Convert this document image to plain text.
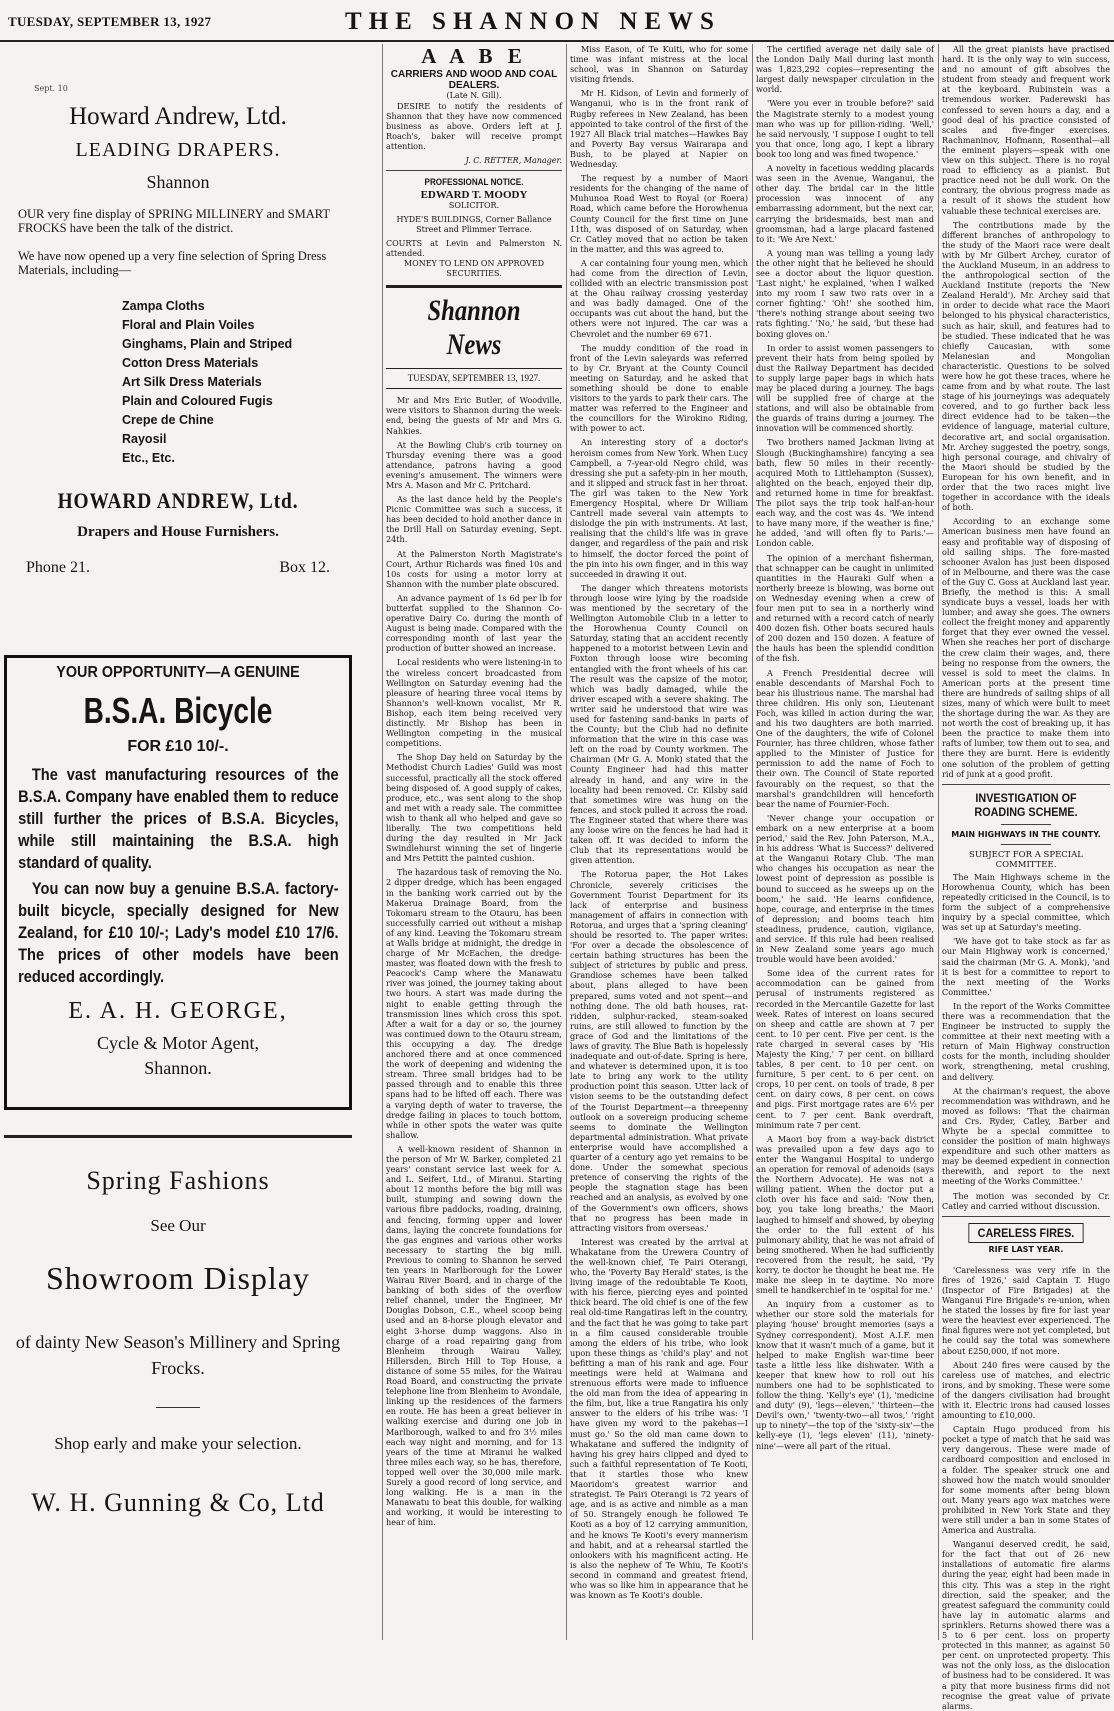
TUESDAY, SEPTEMBER 13, 1927	THE SHANNON NEWS
Sept. 10
Howard Andrew, Ltd.
LEADING DRAPERS.
Shannon
OUR very fine display of SPRING MILLINERY and SMART FROCKS have been the talk of the district.
We have now opened up a very fine selection of Spring Dress Materials, including—
Zampa Cloths
Floral and Plain Voiles
Ginghams, Plain and Striped
Cotton Dress Materials
Art Silk Dress Materials
Plain and Coloured Fugis
Crepe de Chine
Rayosil
Etc., Etc.
HOWARD ANDREW, Ltd.
Drapers and House Furnishers.
Phone 21.	Box 12.
YOUR OPPORTUNITY—A GENUINE
B.S.A. Bicycle
FOR £10 10/-.
The vast manufacturing resources of the B.S.A. Company have enabled them to reduce still further the prices of B.S.A. Bicycles, while still maintaining the B.S.A. high standard of quality.
You can now buy a genuine B.S.A. factory-built bicycle, specially designed for New Zealand, for £10 10/-; Lady's model £10 17/6. The prices of other models have been reduced accordingly.
E. A. H. GEORGE,
Cycle & Motor Agent,
Shannon.
Spring Fashions
See Our
Showroom Display
of dainty New Season's Millinery and Spring Frocks.
Shop early and make your selection.
W. H. Gunning & Co, Ltd
A A B E
CARRIERS AND WOOD AND COAL DEALERS.
(Late N. Gill).

DESIRE to notify the residents of Shannon that they have now commenced business as above. Orders left at J. Roach's, baker will receive prompt attention.

J. C. RETTER, Manager.
PROFESSIONAL NOTICE.
EDWARD T. MOODY
SOLICITOR.
HYDE'S BUILDINGS, Corner Ballance Street and Plimmer Terrace.
COURTS at Levin and Palmerston N. attended.
MONEY TO LEND ON APPROVED SECURITIES.
Shannon News
TUESDAY, SEPTEMBER 13, 1927.

Mr and Mrs Eric Butler, of Woodville, were visitors to Shannon during the week-end, being the guests of Mr and Mrs G. Nahkies.

At the Bowling Club's crib tourney on Thursday evening there was a good attendance, patrons having a good evening's amusement. The winners were Mrs A. Mason and Mr C. Pritchard.

As the last dance held by the People's Picnic Committee was such a success, it has been decided to hold another dance in the Drill Hall on Saturday evening, Sept. 24th.

At the Palmerston North Magistrate's Court, Arthur Richards was fined 10s and 10s costs for using a motor lorry at Shannon with the number plate obscured.

An advance payment of 1s 6d per lb for butterfat supplied to the Shannon Co-operative Dairy Co. during the month of August is being made. Compared with the corresponding month of last year the production of butter showed an increase.

Local residents who were listening-in to the wireless concert broadcasted from Wellington on Saturday evening had the pleasure of hearing three vocal items by Shannon's well-known vocalist, Mr R. Bishop, each item being received very distinctly. Mr Bishop has been in Wellington competing in the musical competitions.

The Shop Day held on Saturday by the Methodist Church Ladies' Guild was most successful, practically all the stock offered being disposed of. A good supply of cakes, produce, etc., was sent along to the shop and met with a ready sale. The committee wish to thank all who helped and gave so liberally. The two competitions held during the day resulted in Mr Jack Swindlehurst winning the set of lingerie and Mrs Pettitt the painted cushion.

The hazardous task of removing the No. 2 dipper dredge, which has been engaged in the banking work carried out by the Makerua Drainage Board, from the Tokomaru stream to the Otauru, has been successfully carried out without a mishap of any kind. Leaving the Tokomaru stream at Walls bridge at midnight, the dredge in charge of Mr McEachen, the dredge-master, was floated down with the fresh to Peacock's Camp where the Manawatu river was joined, the journey taking about two hours. A start was made during the night to enable getting through the transmission lines which cross this spot. After a wait for a day or so, the journey was continued down to the Otauru stream, this occupying a day. The dredge anchored there and at once commenced the work of deepening and widening the stream. Three small bridges had to be passed through and to enable this three spans had to be lifted off each. There was a varying depth of water to traverse, the dredge failing in places to touch bottom, while in other spots the water was quite shallow.

A well-known resident of Shannon in the person of Mr W. Barker, completed 21 years' constant service last week for A. and L. Seifert, Ltd., of Miranui. Starting about 12 months before the big mill was built, stumping and sowing down the various fibre paddocks, roading, draining, and fencing, forming upper and lower dams, laying the concrete foundations for the gas engines and various other works necessary to starting the big mill. Previous to coming to Shannon he served ten years in Marlborough for the Lower Wairau River Board, and in charge of the banking of both sides of the overflow relief channel, under the Engineer, Mr Douglas Dobson, C.E., wheel scoop being used and an 8-horse plough elevator and eight 3-horse dump waggons. Also in charge of a road repairing gang from Blenheim through Wairau Valley, Hillersden, Birch Hill to Top House, a distance of some 55 miles, for the Wairau Road Board, and constructing the private telephone line from Blenheim to Avondale, linking up the residences of the farmers en route. He has been a great believer in walking exercise and during one job in Marlborough, walked to and fro 3½ miles each way night and morning, and for 13 years of the time at Miranui he walked three miles each way, so he has, therefore, topped well over the 30,000 mile mark. Surely a good record of long service, and long walking. He is a man in the Manawatu to beat this double, for walking and working, it would be interesting to hear of him.

Miss Eason, of Te Kuiti, who for some time was infant mistress at the local school, was in Shannon on Saturday visiting friends.

Mr H. Kidson, of Levin and formerly of Wanganui, who is in the front rank of Rugby referees in New Zealand, has been appointed to take control of the first of the 1927 All Black trial matches—Hawkes Bay and Poverty Bay versus Wairarapa and Bush, to be played at Napier on Wednesday.

The request by a number of Maori residents for the changing of the name of Muhunoa Road West to Royal (or Roera) Road, which came before the Horowhenua County Council for the first time on June 11th, was disposed of on Saturday, when Cr. Catley moved that no action be taken in the matter, and this was agreed to.

A car containing four young men, which had come from the direction of Levin, collided with an electric transmission post at the Ohau railway crossing yesterday and was badly damaged. One of the occupants was cut about the hand, but the others were not injured. The car was a Chevrolet and the number 69 671.

The muddy condition of the road in front of the Levin saleyards was referred to by Cr. Bryant at the County Council meeting on Saturday, and he asked that something should be done to enable visitors to the yards to park their cars. The matter was referred to the Engineer and the councillors for the Wirokino Riding, with power to act.

An interesting story of a doctor's heroism comes from New York. When Lucy Campbell, a 7-year-old Negro child, was dressing she put a safety-pin in her mouth, and it slipped and struck fast in her throat. The girl was taken to the New York Emergency Hospital, where Dr William Cantrell made several vain attempts to dislodge the pin with instruments. At last, realising that the child's life was in grave danger, and regardless of the pain and risk to himself, the doctor forced the point of the pin into his own finger, and in this way succeeded in drawing it out.

The danger which threatens motorists through loose wire lying by the roadside was mentioned by the secretary of the Wellington Automobile Club in a letter to the Horowhenua County Council on Saturday, stating that an accident recently happened to a motorist between Levin and Foxton through loose wire becoming entangled with the front wheels of his car. The result was the capsize of the motor, which was badly damaged, while the driver escaped with a severe shaking. The writer said he understood that wire was used for fastening sand-banks in parts of the County; but the Club had no definite information that the wire in this case was left on the road by County workmen. The Chairman (Mr G. A. Monk) stated that the County Engineer had had this matter already in hand, and any wire in the locality had been removed. Cr. Kilsby said that sometimes wire was hung on the fences, and stock pulled it across the road. The Engineer stated that where there was any loose wire on the fences he had had it taken off. It was decided to inform the Club that its representations would be given attention.

The Rotorua paper, the Hot Lakes Chronicle, severely criticises the Government Tourist Department for its lack of enterprise and business management of affairs in connection with Rotorua, and urges that a 'spring cleaning' should be resorted to. The paper writes: 'For over a decade the obsolescence of certain bathing structures has been the subject of strictures by public and press. Grandiose schemes have been talked about, plans alleged to have been prepared, sums voted and not spent—and nothing done. The old bath houses, rat-ridden, sulphur-racked, steam-soaked ruins, are still allowed to function by the grace of God and the limitations of the laws of gravity. The Blue Bath is hopelessly inadequate and out-of-date. Spring is here, and whatever is determined upon, it is too late to bring any work to the utility production point this season. Utter lack of vision seems to be the outstanding defect of the Tourist Department—a threepenny outlook on a sovereign producing scheme seems to dominate the Wellington departmental administration. What private enterprise would have accomplished a quarter of a century ago yet remains to be done. Under the somewhat specious pretence of conserving the rights of the people the stagnation stage has been reached and an analysis, as evolved by one of the Government's own officers, shows that no progress has been made in attracting visitors from overseas.'

Interest was created by the arrival at Whakatane from the Urewera Country of the well-known chief, Te Pairi Oterangi, who, the 'Poverty Bay Herald' states, is the living image of the redoubtable Te Kooti, with his fierce, piercing eyes and pointed thick beard. The old chief is one of the few real old-time Rangatiras left in the country, and the fact that he was going to take part in a film caused considerable trouble among the elders of his tribe, who look upon these things as 'child's play' and not befitting a man of his rank and age. Four meetings were held at Waimana and strenuous efforts were made to influence the old man from the idea of appearing in the film, but, like a true Rangatira his only answer to the elders of his tribe was: 'I have given my word to the pakehas—I must go.' So the old man came down to Whakatane and suffered the indignity of having his grey hairs clipped and dyed to such a faithful representation of Te Kooti, that it startles those who knew Maoridom's greatest warrior and strategist. Te Pairi Oterangi is 72 years of age, and is as active and nimble as a man of 50. Strangely enough he followed Te Kooti as a boy of 12 carrying ammunition, and he knows Te Kooti's every mannerism and habit, and at a rehearsal startled the onlookers with his magnificent acting. He is also the nephew of Te Whiu, Te Kooti's second in command and greatest friend, who was so like him in appearance that he was known as Te Kooti's double.

The certified average net daily sale of the London Daily Mail during last month was 1,823,292 copies—representing the largest daily newspaper circulation in the world.

'Were you ever in trouble before?' said the Magistrate sternly to a modest young man who was up for pillion-riding. 'Well,' he said nervously, 'I suppose I ought to tell you that once, long ago, I kept a library book too long and was fined twopence.'

A novelty in facetious wedding placards was seen in the Avenue, Wanganui, the other day. The bridal car in the little procession was innocent of any embarrassing adornment, but the next car, carrying the bridesmaids, best man and groomsman, had a large placard fastened to it: 'We Are Next.'

A young man was telling a young lady the other night that he believed he should see a doctor about the liquor question. 'Last night,' he explained, 'when I walked into my room I saw two rats over in a corner fighting.' 'Oh!' she soothed him, 'there's nothing strange about seeing two rats fighting.' 'No,' he said, 'but these had boxing gloves on.'

In order to assist women passengers to prevent their hats from being spoiled by dust the Railway Department has decided to supply large paper bags in which hats may be placed during a journey. The bags will be supplied free of charge at the stations, and will also be obtainable from the guards of trains during a journey. The innovation will be commenced shortly.

Two brothers named Jackman living at Slough (Buckinghamshire) fancying a sea bath, flew 50 miles in their recently-acquired Moth to Littlehampton (Sussex), alighted on the beach, enjoyed their dip, and returned home in time for breakfast. The pilot says the trip took half-an-hour each way, and the cost was 4s. 'We intend to have many more, if the weather is fine,' he added, 'and will often fly to Paris.'—London cable.

The opinion of a merchant fisherman, that schnapper can be caught in unlimited quantities in the Hauraki Gulf when a northerly breeze is blowing, was borne out on Wednesday evening when a crew of four men put to sea in a northerly wind and returned with a record catch of nearly 400 dozen fish. Other boats secured hauls of 200 dozen and 150 dozen. A feature of the hauls has been the splendid condition of the fish.

A French Presidential decree will enable descendants of Marshal Foch to bear his illustrious name. The marshal had three children. His only son, Lieutenant Foch, was killed in action during the war, and his two daughters are both married. One of the daughters, the wife of Colonel Fournier, has three children, whose father applied to the Minister of Justice for permission to add the name of Foch to their own. The Council of State reported favourably on the request, so that the marshal's grandchildren will henceforth bear the name of Fournier-Foch.

'Never change your occupation or embark on a new enterprise at a boom period,' said the Rev. John Paterson, M.A., in his address 'What is Success?' delivered at the Wanganui Rotary Club. 'The man who changes his occupation as near the lowest point of depression as possible is bound to succeed as he sweeps up on the boom,' he said. 'He learns confidence, hope, courage, and enterprise in the times of depression; and booms teach him steadiness, prudence, caution, vigilance, and service. If this rule had been realised in New Zealand some years ago much trouble would have been avoided.'

Some idea of the current rates for accommodation can be gained from perusal of instruments registered as recorded in the Mercantile Gazette for last week. Rates of interest on loans secured on sheep and cattle are shown at 7 per cent. to 10 per cent. Five per cent. is the rate charged in several cases by 'His Majesty the King,' 7 per cent. on billiard tables, 8 per cent. to 10 per cent. on furniture, 5 per cent. to 6 per cent. on crops, 10 per cent. on tools of trade, 8 per cent. on dairy cows, 8 per cent. on cows and pigs. First mortgage rates are 6½ per cent. to 7 per cent. Bank overdraft, minimum rate 7 per cent.

A Maori boy from a way-back district was prevailed upon a few days ago to enter the Wanganui Hospital to undergo an operation for removal of adenoids (says the Northern Advocate). He was not a willing patient. When the doctor put a cloth over his face and said: 'Now then, boy, you take long breaths,' the Maori laughed to himself and showed, by obeying the order to the full extent of his pulmonary ability, that he was not afraid of being smothered. When he had sufficiently recovered from the result, he said, 'Py korry, te doctor he thought he beat me. He make me sleep in te daytime. No more smell te handkerchief in te 'ospital for me.'

An inquiry from a customer as to whether our store sold the materials for playing 'house' brought memories (says a Sydney correspondent). Most A.I.F. men know that it wasn't much of a game, but it helped to make English war-time beer taste a little less like dishwater. With a keeper that knew how to roll out his numbers one had to be sophisticated to follow the thing. 'Kelly's eye' (1), 'medicine and duty' (9), 'legs—eleven,' 'thirteen—the Devil's own,' 'twenty-two—all twos,' 'right up to ninety'—the top of the 'sixty-six'—the kelly-eye (1), 'legs eleven' (11), 'ninety-nine'—were all part of the ritual.

All the great pianists have practised hard. It is the only way to win success, and no amount of gift absolves the student from steady and frequent work at the keyboard. Rubinstein was a tremendous worker. Paderewski has confessed to seven hours a day, and a good deal of his practice consisted of scales and five-finger exercises. Rachmaninov, Hofmann, Rosenthal—all the eminent players—speak with one view on this subject. There is no royal road to efficiency as a pianist. But practice need not be dull work. On the contrary, the obvious progress made as a result of it shows the student how valuable these technical exercises are.

The contributions made by the different branches of anthropology to the study of the Maori race were dealt with by Mr Gilbert Archey, curator of the Auckland Museum, in an address to the anthropological section of the Auckland Institute (reports the 'New Zealand Herald'). Mr. Archey said that in order to decide what race the Maori belonged to his physical characteristics, such as hair, skull, and features had to be studied. These indicated that he was chiefly Caucasian, with some Melanesian and Mongolian characteristic. Questions to be solved were how he got these traces, where he came from and by what route. The last stage of his journeyings was adequately covered, and to go further back less direct evidence had to be taken—the evidence of language, material culture, decorative art, and social organisation. Mr. Archey suggested the poetry, songs, high personal courage, and chivalry of the Maori should be studied by the European for his own benefit, and in order that the two races might live together in accordance with the ideals of both.

According to an exchange some American business men have found an easy and profitable way of disposing of old sailing ships. The fore-masted schooner Avalon has just been disposed of in Melbourne, and there was the case of the Guy C. Goss at Auckland last year. Briefly, the method is this: A small syndicate buys a vessel, loads her with lumber; and away she goes. The owners collect the freight money and apparently forget that they ever owned the vessel. When she reaches her port of discharge the crew claim their wages, and, there being no response from the owners, the vessel is sold to meet the claims. In American ports at the present time there are hundreds of sailing ships of all sizes, many of which were built to meet the shortage during the war. As they are not worth the cost of breaking up, it has been the practice to make them into rafts of lumber, tow them out to sea, and there they are burnt. Here is evidently one solution of the problem of getting rid of junk at a good profit.

INVESTIGATION OF ROADING SCHEME.
MAIN HIGHWAYS IN THE COUNTY.
SUBJECT FOR A SPECIAL COMMITTEE.

The Main Highways scheme in the Horowhenua County, which has been repeatedly criticised in the Council, is to form the subject of a comprehensive inquiry by a special committee, which was set up at Saturday's meeting.

'We have got to take stock as far as our Main Highway work is concerned,' said the chairman (Mr G. A. Monk), 'and it is best for a committee to report to the next meeting of the Works Committee.'

In the report of the Works Committee there was a recommendation that the Engineer be instructed to supply the committee at their next meeting with a return of Main Highway construction costs for the month, including shoulder work, strengthening, metal crushing, and delivery.

At the chairman's request, the above recommendation was withdrawn, and he moved as follows: 'That the chairman and Crs. Ryder, Catley, Barber and Whyte be a special committee to consider the position of main highways expenditure and such other matters as may be deemed expedient in connection therewith, and report to the next meeting of the Works Committee.'

The motion was seconded by Cr. Catley and carried without discussion.

CARELESS FIRES.
RIFE LAST YEAR.

'Carelessness was very rife in the fires of 1926,' said Captain T. Hugo (Inspector of Fire Brigades) at the Wanganui Fire Brigade's re-union, when he stated the losses by fire for last year were the heaviest ever experienced. The final figures were not yet completed, but he could say the total was somewhere about £250,000, if not more.

About 240 fires were caused by the careless use of matches, and electric irons, and by smoking. These were some of the dangers civilisation had brought with it. Electric irons had caused losses amounting to £10,000.

Captain Hugo produced from his pocket a type of match that he said was very dangerous. These were made of cardboard composition and enclosed in a folder. The speaker struck one and showed how the match would smoulder for some moments after being blown out. Many years ago wax matches were prohibited in New York State and they were still under a ban in some States of America and Australia.

Wanganui deserved credit, he said, for the fact that out of 26 new installations of automatic fire alarms during the year, eight had been made in this city. This was a step in the right direction, said the speaker, and the greatest safeguard the community could have lay in automatic alarms and sprinklers. Returns showed there was a 5 to 6 per cent. loss on property protected in this manner, as against 50 per cent. on unprotected property. This was not the only loss, as the dislocation of business had to be considered. It was a pity that more business firms did not recognise the great value of private alarms.
